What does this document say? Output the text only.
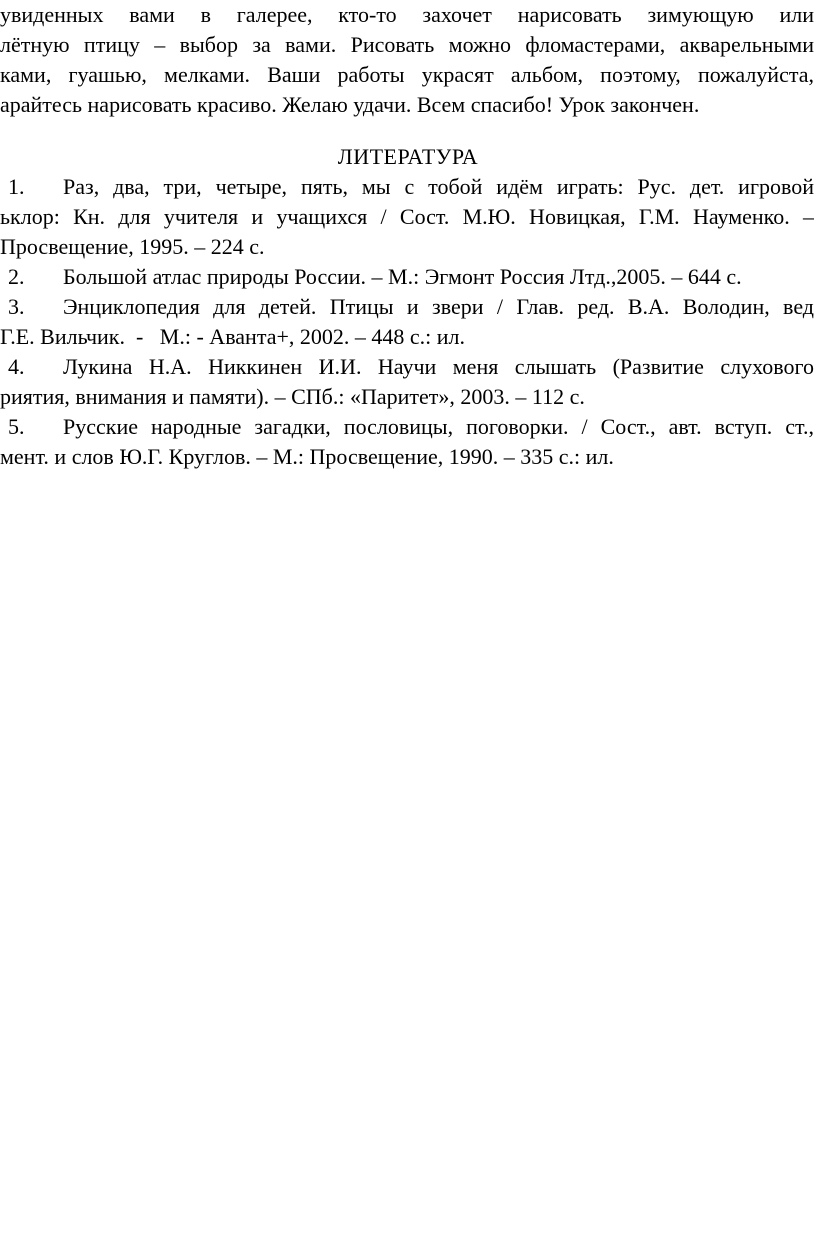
увиденных вами в галерее, кто-то захочет нарисовать зимующую или
лётную птицу – выбор за вами. Рисовать можно фломастерами, акварельными
ками, гуашью, мелками. Ваши работы украсят альбом, поэтому, пожалуйста,
арайтесь нарисовать красиво. Желаю удачи. Всем спасибо! Урок закончен.
ЛИТЕРАТУРА
1. Раз, два, три, четыре, пять, мы с тобой идём играть: Рус. дет. игровой
ьклор: Кн. для учителя и учащихся / Сост. М.Ю. Новицкая, Г.М. Науменко. –
Просвещение, 1995. – 224 с.
2. Большой атлас природы России. – М.: Эгмонт Россия Лтд.,2005. – 644 с.
3. Энциклопедия для детей. Птицы и звери / Глав. ред. В.А. Володин, вед
Г.Е. Вильчик.  -   М.: - Аванта+, 2002. – 448 с.: ил.
4. Лукина Н.А. Никкинен И.И. Научи меня слышать (Развитие слухового
риятия, внимания и памяти). – СПб.: «Паритет», 2003. – 112 с.
5. Русские народные загадки, пословицы, поговорки. / Сост., авт. вступ. ст.,
мент. и слов Ю.Г. Круглов. – М.: Просвещение, 1990. – 335 с.: ил.
